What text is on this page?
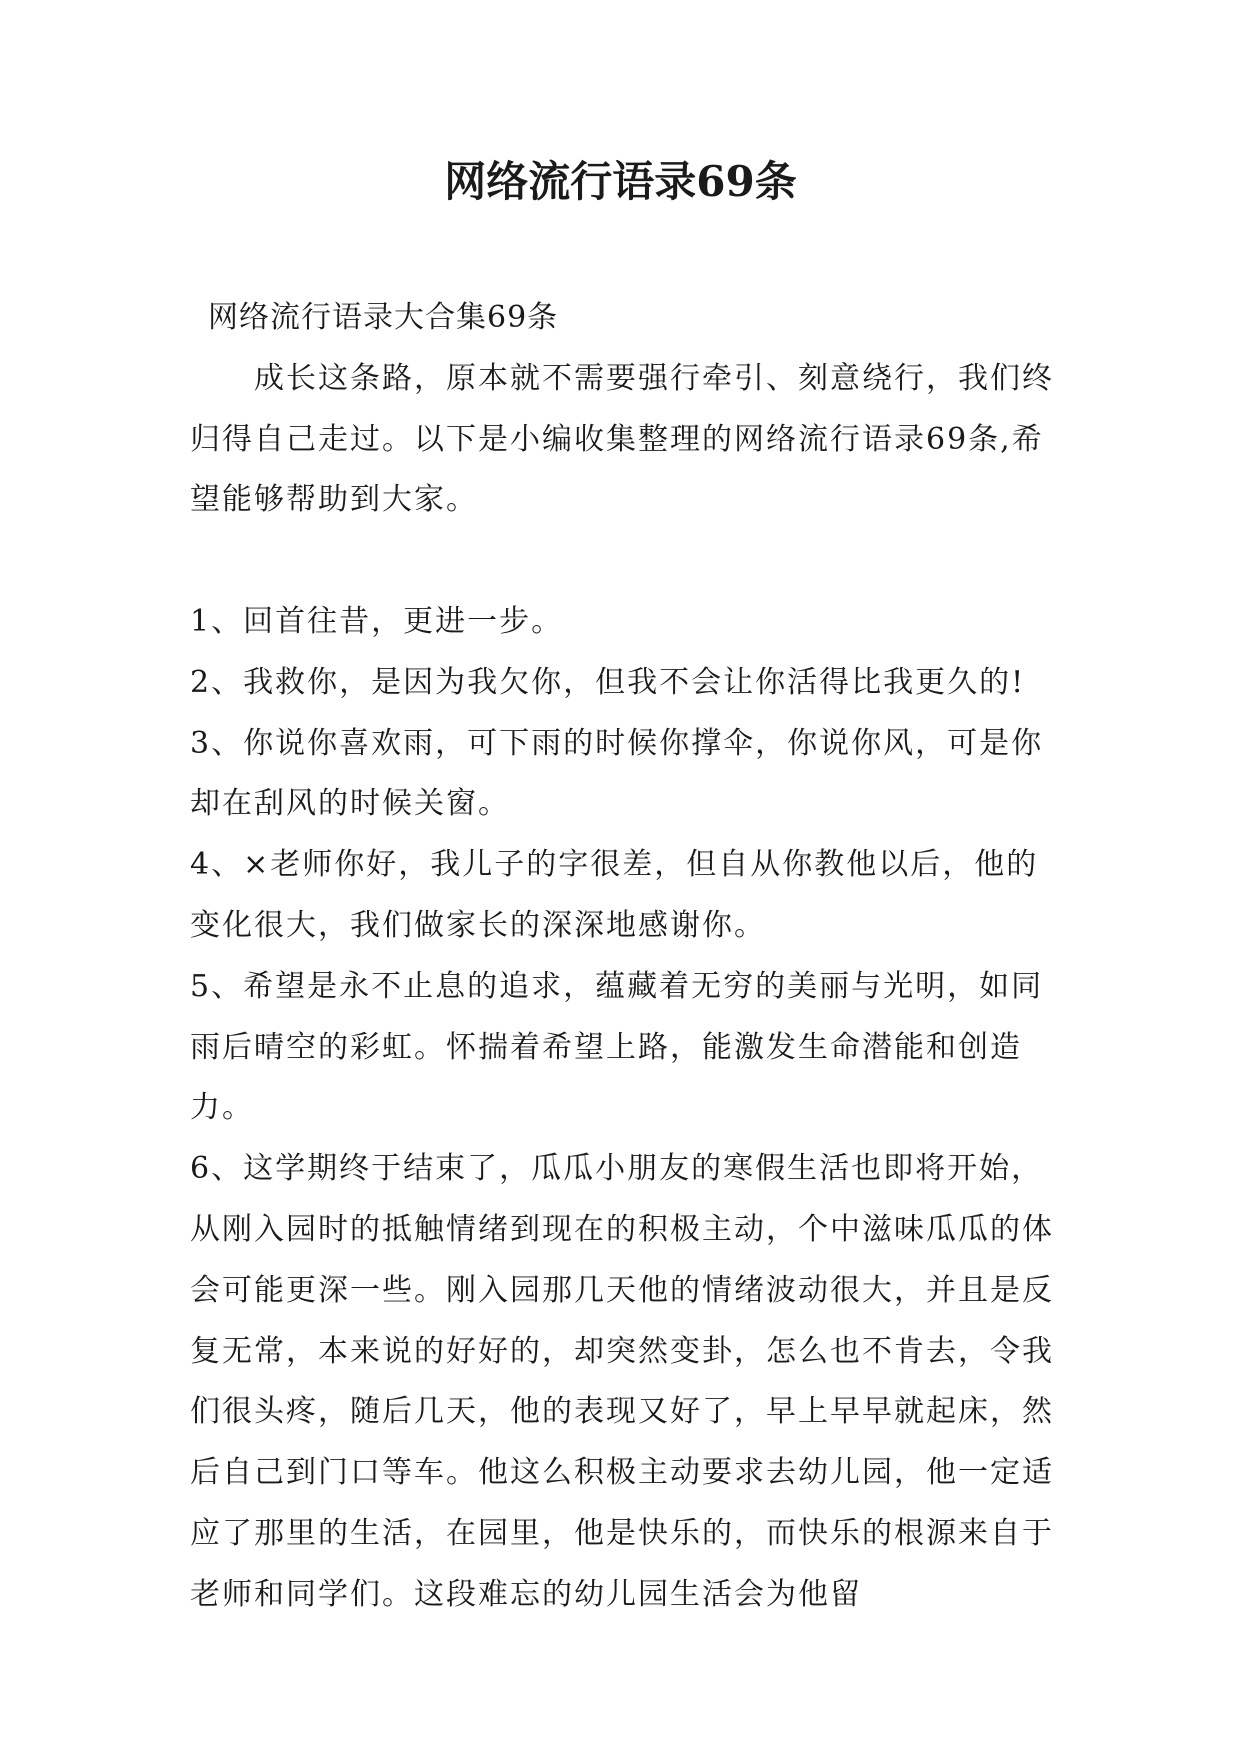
网络流行语录69条

网络流行语录大合集69条

成长这条路，原本就不需要强行牵引、刻意绕行，我们终归得自己走过。以下是小编收集整理的网络流行语录69条,希望能够帮助到大家。

1、回首往昔，更进一步。

2、我救你，是因为我欠你，但我不会让你活得比我更久的!

3、你说你喜欢雨，可下雨的时候你撑伞，你说你风，可是你却在刮风的时候关窗。

4、×老师你好，我儿子的字很差，但自从你教他以后，他的变化很大，我们做家长的深深地感谢你。

5、希望是永不止息的追求，蕴藏着无穷的美丽与光明，如同雨后晴空的彩虹。怀揣着希望上路，能激发生命潜能和创造力。

6、这学期终于结束了，瓜瓜小朋友的寒假生活也即将开始，从刚入园时的抵触情绪到现在的积极主动，个中滋味瓜瓜的体会可能更深一些。刚入园那几天他的情绪波动很大，并且是反复无常，本来说的好好的，却突然变卦，怎么也不肯去，令我们很头疼，随后几天，他的表现又好了，早上早早就起床，然后自己到门口等车。他这么积极主动要求去幼儿园，他一定适应了那里的生活，在园里，他是快乐的，而快乐的根源来自于老师和同学们。这段难忘的幼儿园生活会为他留
